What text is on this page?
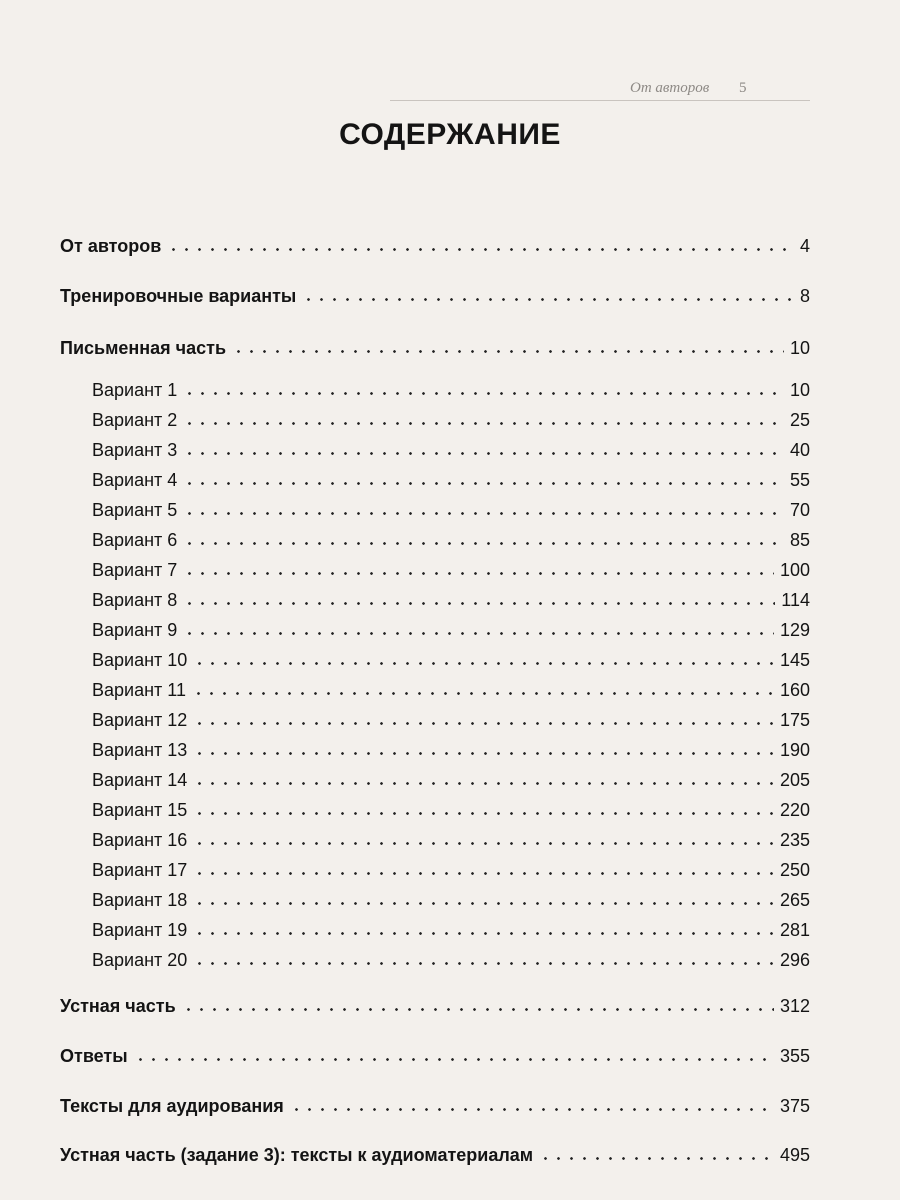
От авторов 5
СОДЕРЖАНИЕ
От авторов	4
Тренировочные варианты	8
Письменная часть	10
Вариант 1	10
Вариант 2	25
Вариант 3	40
Вариант 4	55
Вариант 5	70
Вариант 6	85
Вариант 7	100
Вариант 8	114
Вариант 9	129
Вариант 10	145
Вариант 11	160
Вариант 12	175
Вариант 13	190
Вариант 14	205
Вариант 15	220
Вариант 16	235
Вариант 17	250
Вариант 18	265
Вариант 19	281
Вариант 20	296
Устная часть	312
Ответы	355
Тексты для аудирования	375
Устная часть (задание 3): тексты к аудиоматериалам	495
